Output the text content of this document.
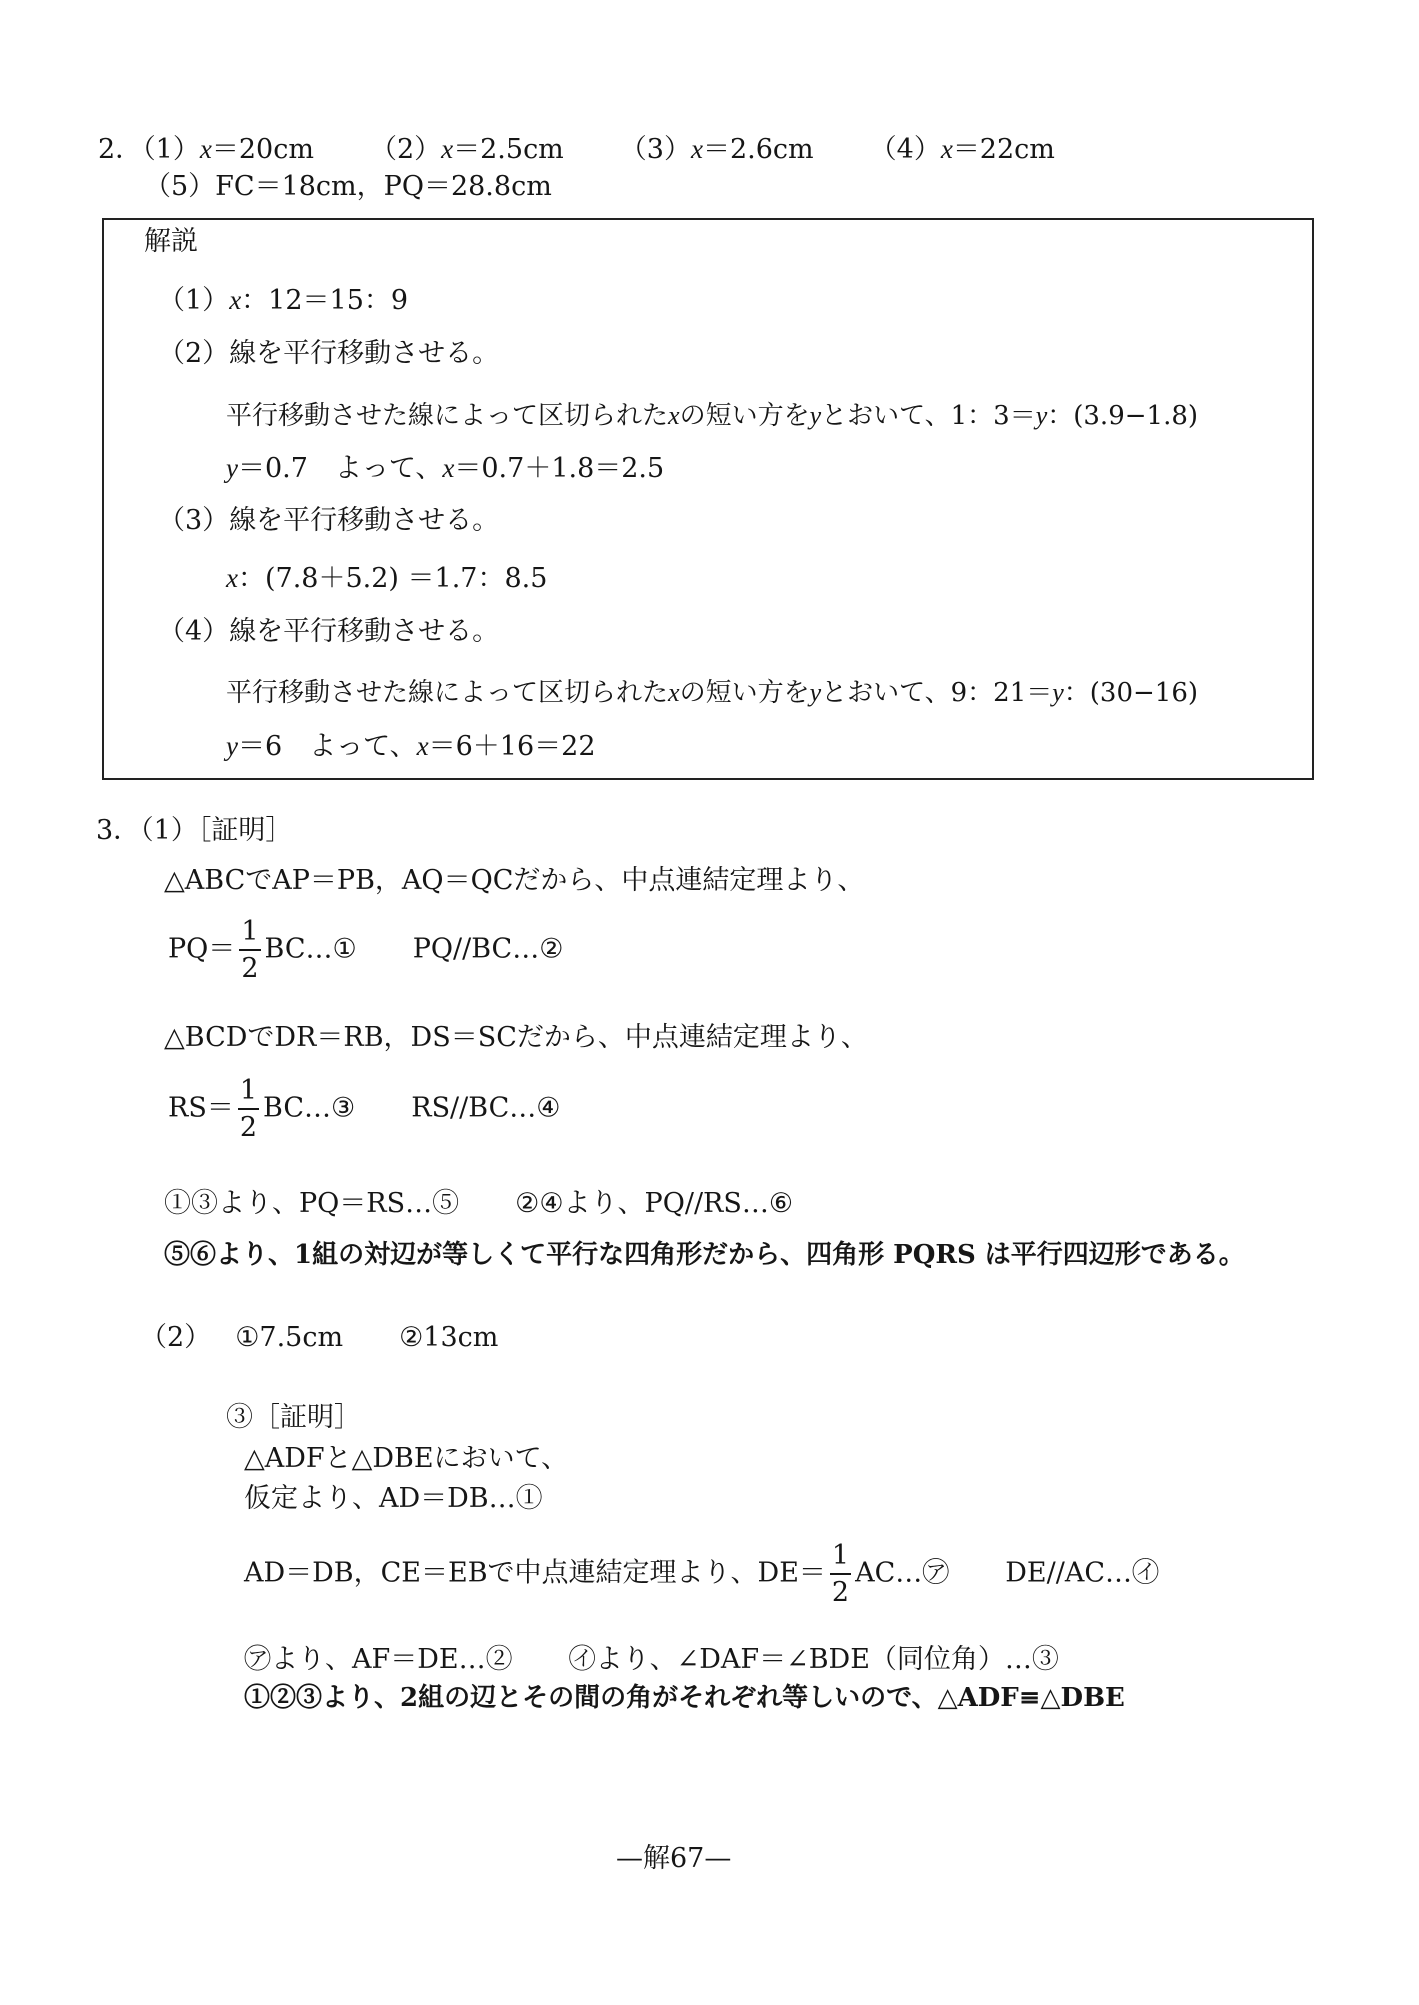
2．（1）x＝20cm （2）x＝2.5cm （3）x＝2.6cm （4）x＝22cm
（5）FC＝18cm，PQ＝28.8cm
解説
（1）x：12＝15：9
（2）線を平行移動させる。
平行移動させた線によって区切られたxの短い方をyとおいて、1：3＝y：(3.9−1.8)
y＝0.7　よって、x＝0.7＋1.8＝2.5
（3）線を平行移動させる。
x：(7.8＋5.2) ＝1.7：8.5
（4）線を平行移動させる。
平行移動させた線によって区切られたxの短い方をyとおいて、9：21＝y：(30−16)
y＝6　よって、x＝6＋16＝22
3．（1）［証明］
△ABCでAP＝PB，AQ＝QCだから、中点連結定理より、
$PQ= \frac{1}{2}$ BC…① PQ//BC…②
△BCDでDR＝RB，DS＝SCだから、中点連結定理より、
$RS= \frac{1}{2}$ BC…③ RS//BC…④
①③より、PQ＝RS…⑤ ②④より、PQ//RS…⑥
⑤⑥より、1組の対辺が等しくて平行な四角形だから、四角形 PQRS は平行四辺形である。
（2） ①7.5cm ②13cm
③［証明］
△ADFと△DBEにおいて、
仮定より、AD＝DB…①
AD＝DB，CE＝EBで中点連結定理より、$DE= \frac{1}{2}$ AC…㋐ DE//AC…㋑
㋐より、AF＝DE…② ㋑より、∠DAF＝∠BDE（同位角）…③
①②③より、2組の辺とその間の角がそれぞれ等しいので、△ADF≡△DBE
—解67—
